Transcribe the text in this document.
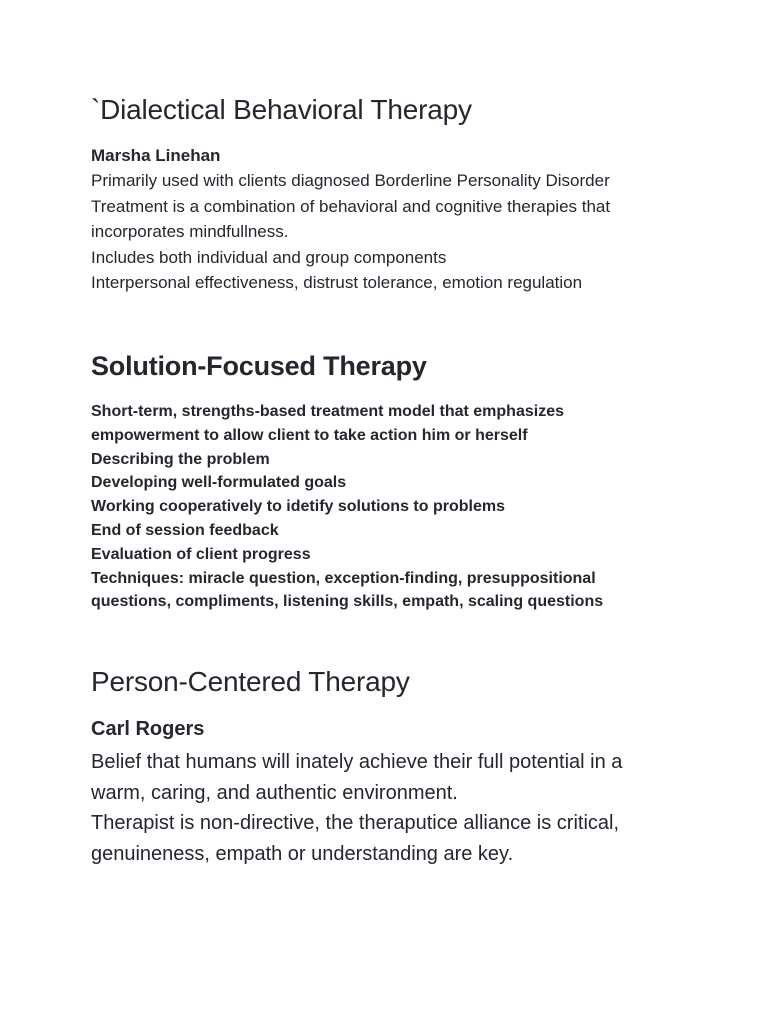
`Dialectical Behavioral Therapy
Marsha Linehan
Primarily used with clients diagnosed Borderline Personality Disorder
Treatment is a combination of behavioral and cognitive therapies that
incorporates mindfullness.
Includes both individual and group components
Interpersonal effectiveness, distrust tolerance, emotion regulation
Solution-Focused Therapy
Short-term, strengths-based treatment model that emphasizes
empowerment to allow client to take action him or herself
Describing the problem
Developing well-formulated goals
Working cooperatively to idetify solutions to problems
End of session feedback
Evaluation of client progress
Techniques: miracle question, exception-finding, presuppositional
questions, compliments, listening skills, empath, scaling questions
Person-Centered Therapy
Carl Rogers
Belief that humans will inately achieve their full potential in a
warm, caring, and authentic environment.
Therapist is non-directive, the theraputice alliance is critical,
genuineness, empath or understanding are key.
